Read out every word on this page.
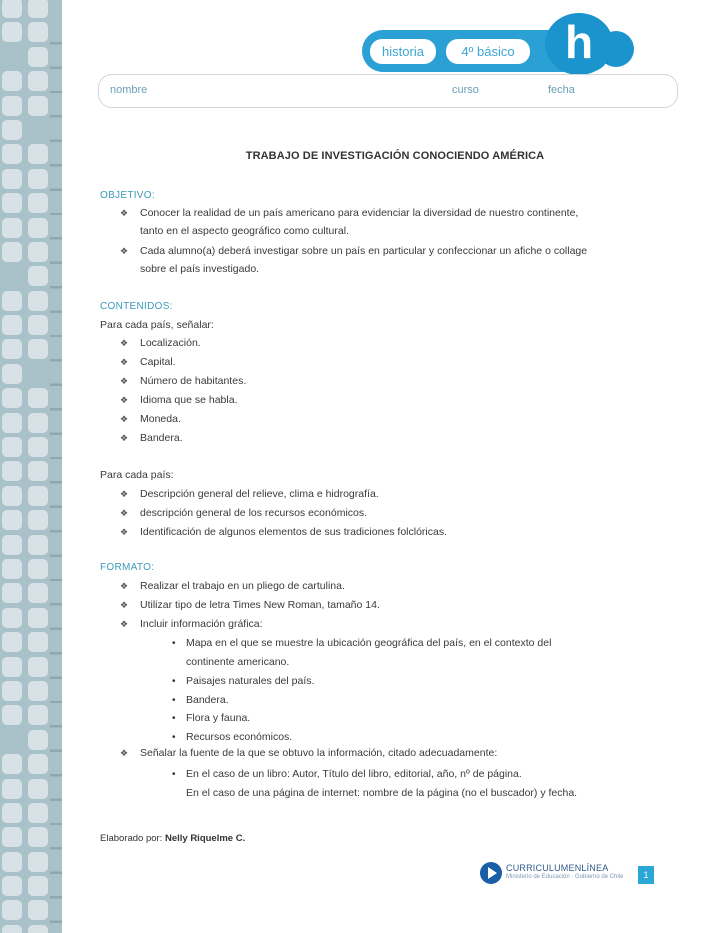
historia	4º básico	h
nombre	curso	fecha
TRABAJO DE INVESTIGACIÓN CONOCIENDO AMÉRICA
OBJETIVO:
❖ Conocer la realidad de un país americano para evidenciar la diversidad de nuestro continente,
tanto en el aspecto geográfico como cultural.
❖ Cada alumno(a) deberá investigar sobre un país en particular y confeccionar un afiche o collage
sobre el país investigado.
CONTENIDOS:
Para cada país, señalar:
❖ Localización.
❖ Capital.
❖ Número de habitantes.
❖ Idioma que se habla.
❖ Moneda.
❖ Bandera.
Para cada país:
❖ Descripción general del relieve, clima e hidrografía.
❖ descripción general de los recursos económicos.
❖ Identificación de algunos elementos de sus tradiciones folclóricas.
FORMATO:
❖ Realizar el trabajo en un pliego de cartulina.
❖ Utilizar tipo de letra Times New Roman, tamaño 14.
❖ Incluir información gráfica:
• Mapa en el que se muestre la ubicación geográfica del país, en el contexto del
continente americano.
• Paisajes naturales del país.
• Bandera.
• Flora y fauna.
• Recursos económicos.
❖ Señalar la fuente de la que se obtuvo la información, citado adecuadamente:
• En el caso de un libro: Autor, Título del libro, editorial, año, nº de página.
En el caso de una página de internet: nombre de la página (no el buscador) y fecha.
Elaborado por: Nelly Riquelme C.
CURRICULUMENLÍNEA
Ministerio de Educación · Gobierno de Chile	1
